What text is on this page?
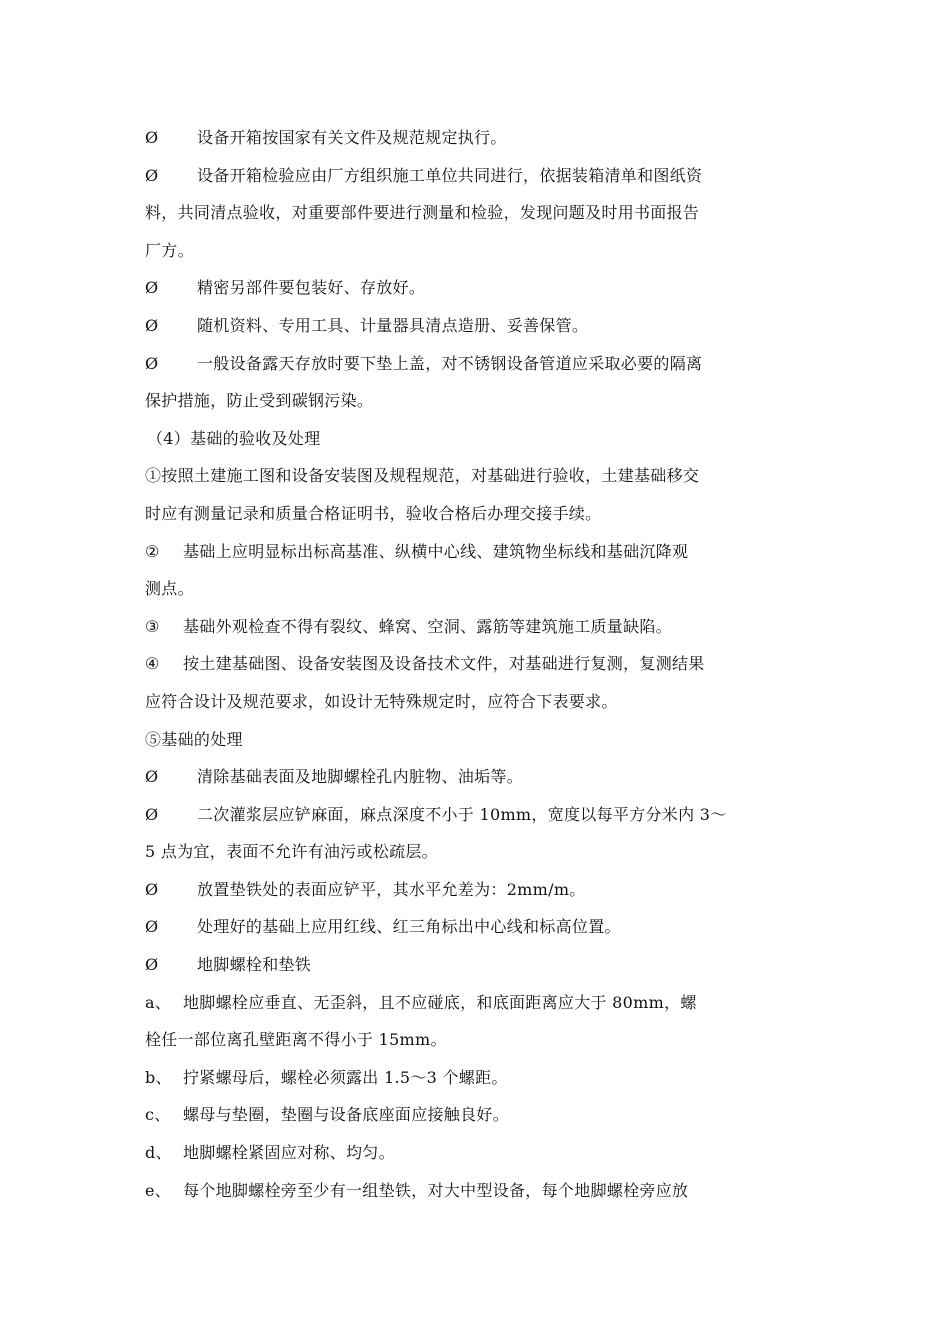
Ø 设备开箱按国家有关文件及规范规定执行。
Ø 设备开箱检验应由厂方组织施工单位共同进行，依据装箱清单和图纸资
料，共同清点验收，对重要部件要进行测量和检验，发现问题及时用书面报告
厂方。
Ø 精密另部件要包装好、存放好。
Ø 随机资料、专用工具、计量器具清点造册、妥善保管。
Ø 一般设备露天存放时要下垫上盖，对不锈钢设备管道应采取必要的隔离
保护措施，防止受到碳钢污染。
（4）基础的验收及处理
①按照土建施工图和设备安装图及规程规范，对基础进行验收，土建基础移交
时应有测量记录和质量合格证明书，验收合格后办理交接手续。
② 基础上应明显标出标高基准、纵横中心线、建筑物坐标线和基础沉降观
测点。
③ 基础外观检查不得有裂纹、蜂窝、空洞、露筋等建筑施工质量缺陷。
④ 按土建基础图、设备安装图及设备技术文件，对基础进行复测，复测结果
应符合设计及规范要求，如设计无特殊规定时，应符合下表要求。
⑤基础的处理
Ø 清除基础表面及地脚螺栓孔内脏物、油垢等。
Ø 二次灌浆层应铲麻面，麻点深度不小于 10mm，宽度以每平方分米内 3～
5 点为宜，表面不允许有油污或松疏层。
Ø 放置垫铁处的表面应铲平，其水平允差为：2mm/m。
Ø 处理好的基础上应用红线、红三角标出中心线和标高位置。
Ø 地脚螺栓和垫铁
a、 地脚螺栓应垂直、无歪斜，且不应碰底，和底面距离应大于 80mm，螺
栓任一部位离孔壁距离不得小于 15mm。
b、 拧紧螺母后，螺栓必须露出 1.5～3 个螺距。
c、 螺母与垫圈，垫圈与设备底座面应接触良好。
d、 地脚螺栓紧固应对称、均匀。
e、 每个地脚螺栓旁至少有一组垫铁，对大中型设备，每个地脚螺栓旁应放
